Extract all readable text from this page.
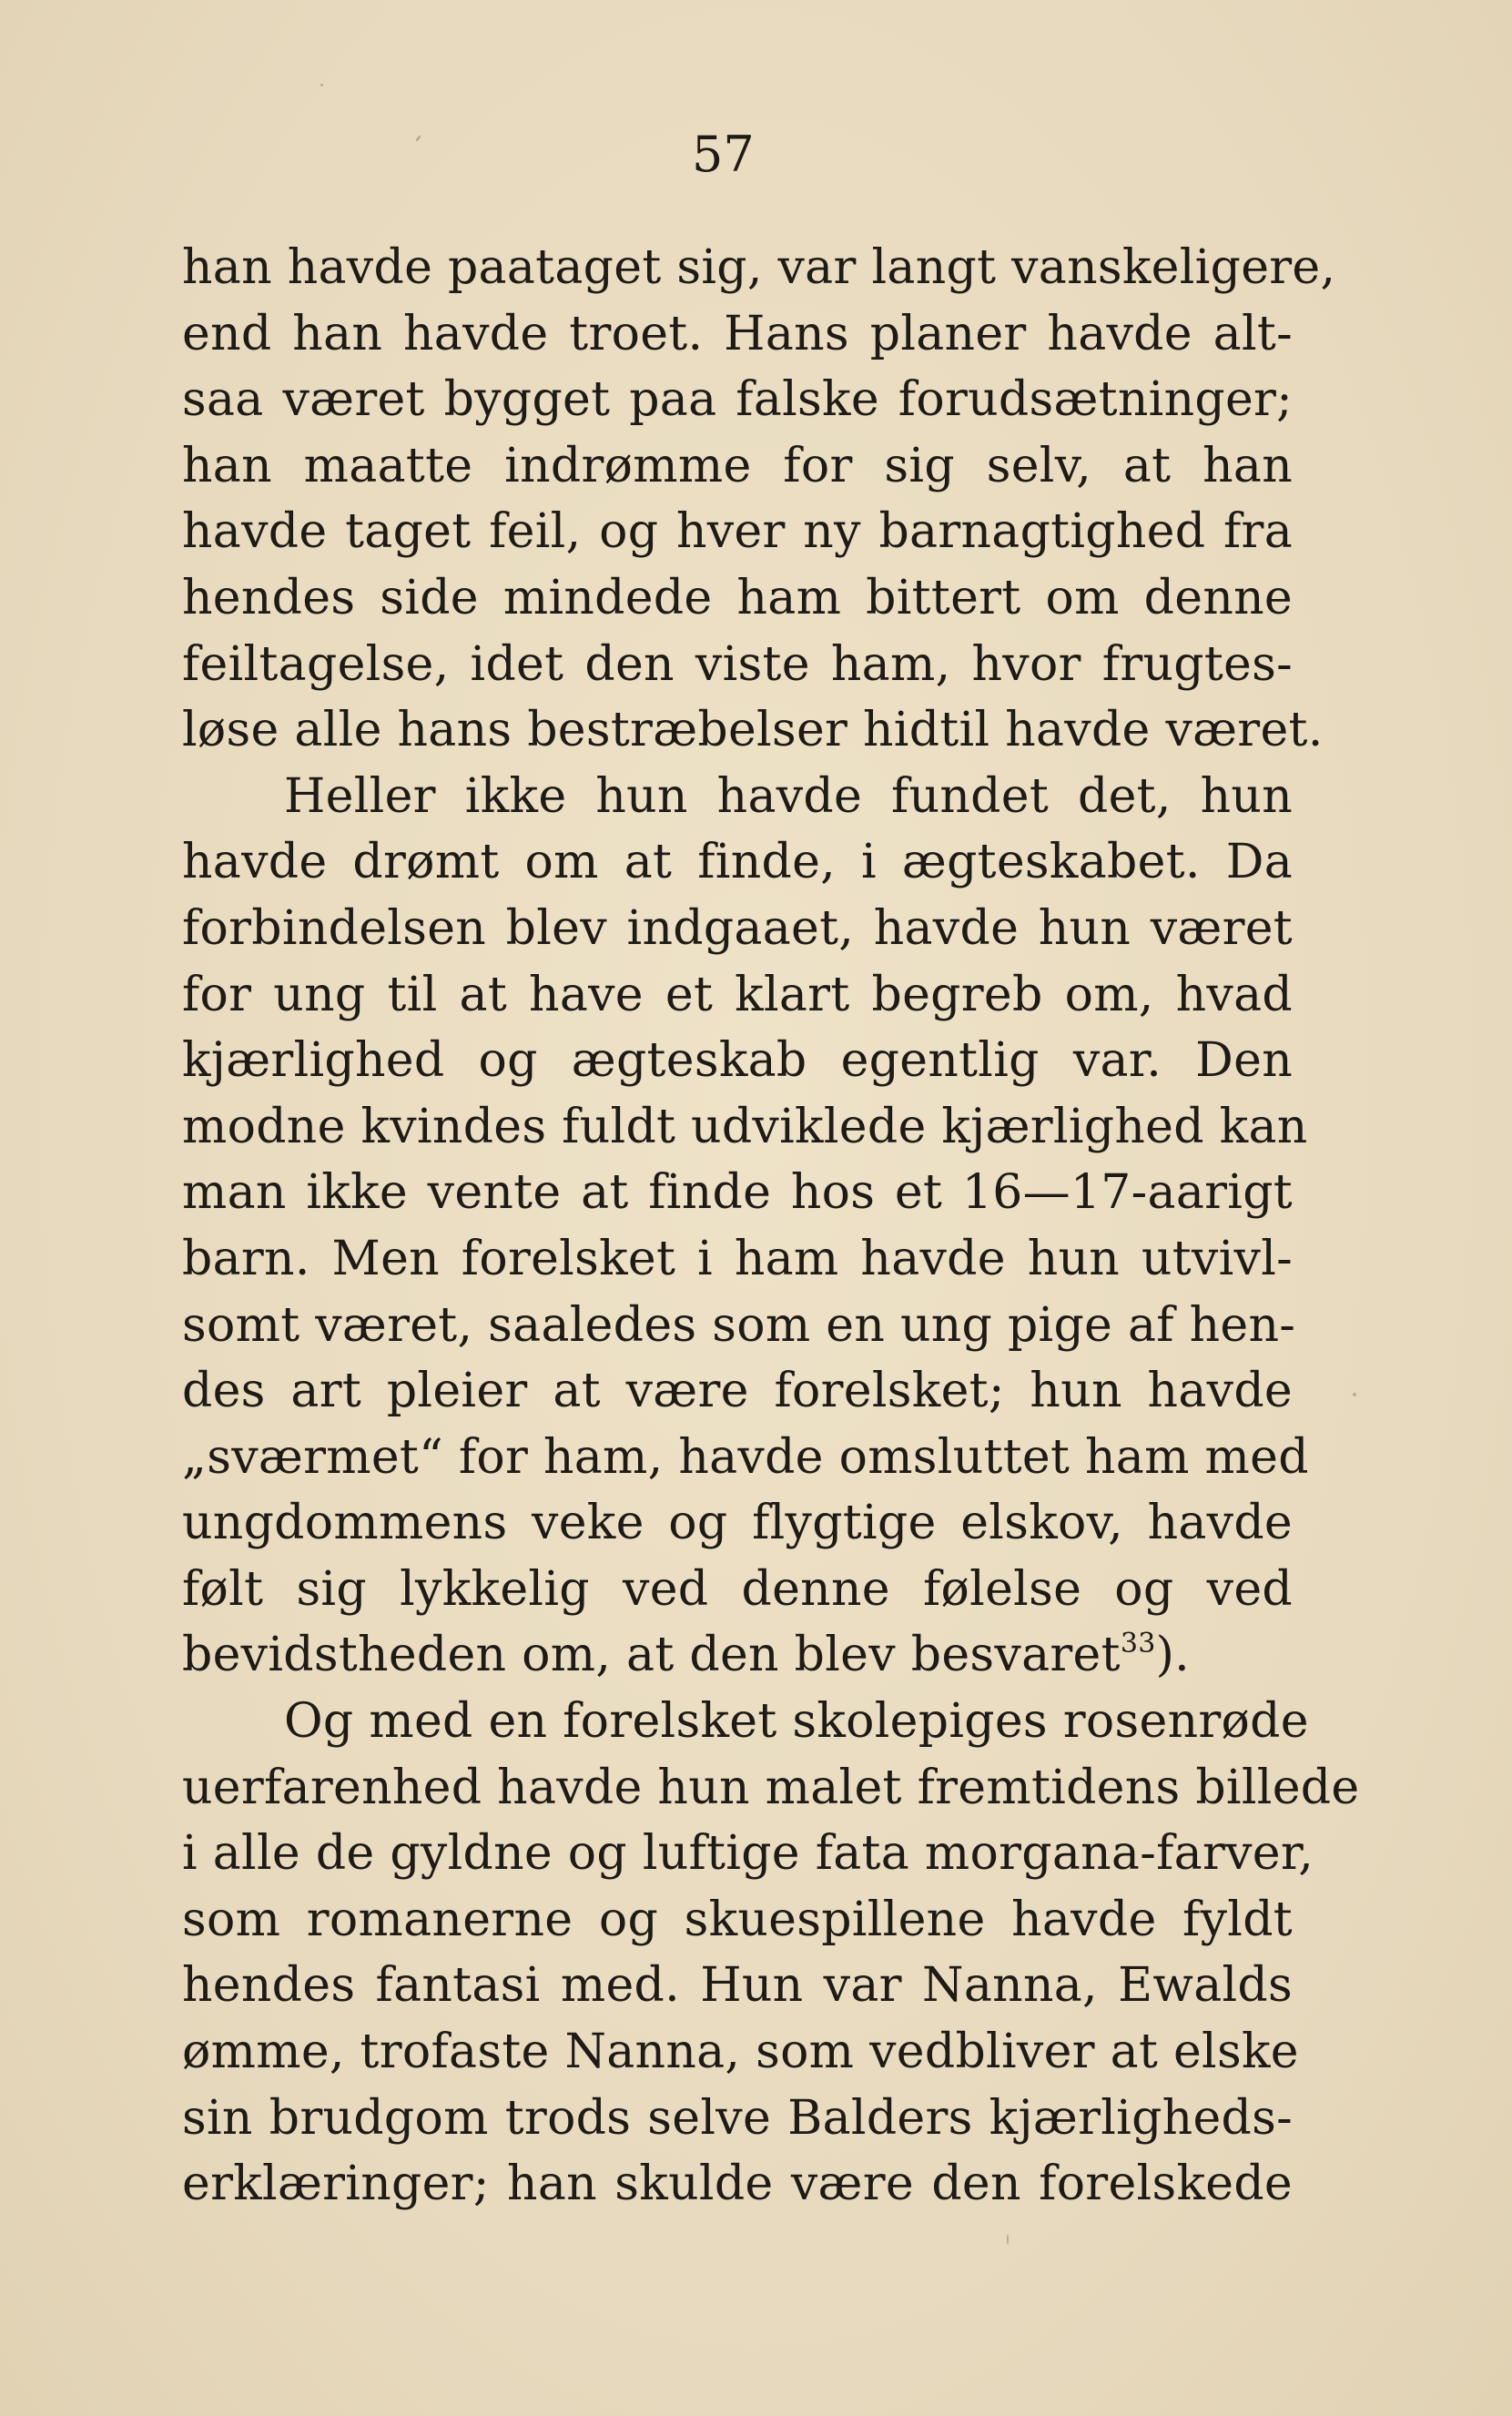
57
han havde paataget sig, var langt vanskeligere,
end han havde troet. Hans planer havde alt-
saa været bygget paa falske forudsætninger;
han maatte indrømme for sig selv, at han
havde taget feil, og hver ny barnagtighed fra
hendes side mindede ham bittert om denne
feiltagelse, idet den viste ham, hvor frugtes-
løse alle hans bestræbelser hidtil havde været.
Heller ikke hun havde fundet det, hun
havde drømt om at finde, i ægteskabet. Da
forbindelsen blev indgaaet, havde hun været
for ung til at have et klart begreb om, hvad
kjærlighed og ægteskab egentlig var. Den
modne kvindes fuldt udviklede kjærlighed kan
man ikke vente at finde hos et 16—17-aarigt
barn. Men forelsket i ham havde hun utvivl-
somt været, saaledes som en ung pige af hen-
des art pleier at være forelsket; hun havde
„sværmet“ for ham, havde omsluttet ham med
ungdommens veke og flygtige elskov, havde
følt sig lykkelig ved denne følelse og ved
bevidstheden om, at den blev besvaret$^{33}$).
Og med en forelsket skolepiges rosenrøde
uerfarenhed havde hun malet fremtidens billede
i alle de gyldne og luftige fata morgana-farver,
som romanerne og skuespillene havde fyldt
hendes fantasi med. Hun var Nanna, Ewalds
ømme, trofaste Nanna, som vedbliver at elske
sin brudgom trods selve Balders kjærligheds-
erklæringer; han skulde være den forelskede
